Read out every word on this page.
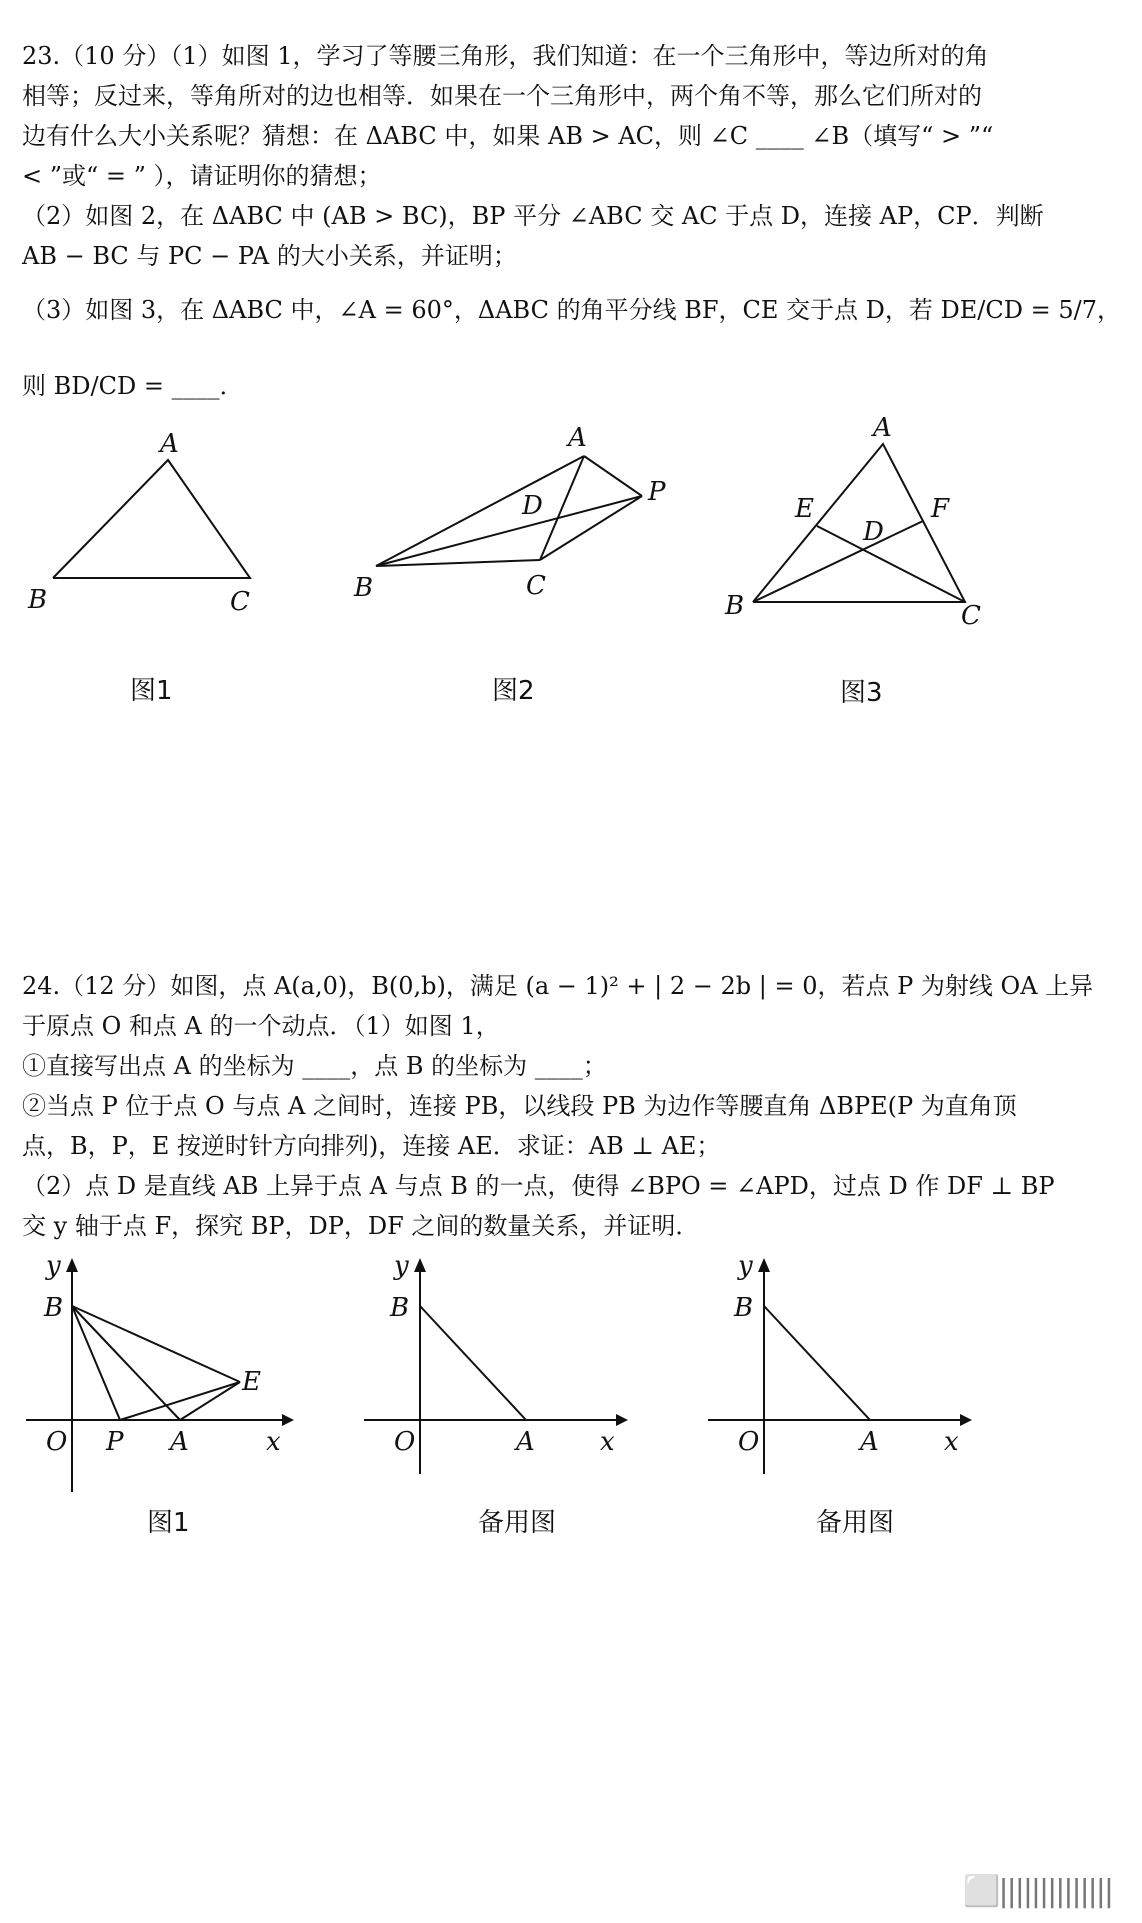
23.（10 分）（1）如图 1，学习了等腰三角形，我们知道：在一个三角形中，等边所对的角
相等；反过来，等角所对的边也相等．如果在一个三角形中，两个角不等，那么它们所对的
边有什么大小关系呢？猜想：在 ΔABC 中，如果 AB > AC，则 ∠C ____ ∠B（填写“ > ”“
< ”或“ = ” ），请证明你的猜想；
（2）如图 2，在 ΔABC 中 (AB > BC)，BP 平分 ∠ABC 交 AC 于点 D，连接 AP，CP．判断
AB − BC 与 PC − PA 的大小关系，并证明；
（3）如图 3，在 ΔABC 中，∠A = 60°，ΔABC 的角平分线 BF，CE 交于点 D，若 DE/CD = 5/7，
则 BD/CD = ____．
A
B	C
图1
A
D	P
B	C
图2
A
E	F
D
B	C
图3
24.（12 分）如图，点 A(a,0)，B(0,b)，满足 (a − 1)² + | 2 − 2b | = 0，若点 P 为射线 OA 上异
于原点 O 和点 A 的一个动点．（1）如图 1，
①直接写出点 A 的坐标为 ____，点 B 的坐标为 ____；
②当点 P 位于点 O 与点 A 之间时，连接 PB，以线段 PB 为边作等腰直角 ΔBPE(P 为直角顶
点，B，P，E 按逆时针方向排列)，连接 AE．求证：AB ⊥ AE；
（2）点 D 是直线 AB 上异于点 A 与点 B 的一点，使得 ∠BPO = ∠APD，过点 D 作 DF ⊥ BP
交 y 轴于点 F，探究 BP，DP，DF 之间的数量关系，并证明．
y
B
E
O P A	x
图1
y
B
O	A	x
备用图
y
B
O	A	x
备用图
⬜||||||||||||||
